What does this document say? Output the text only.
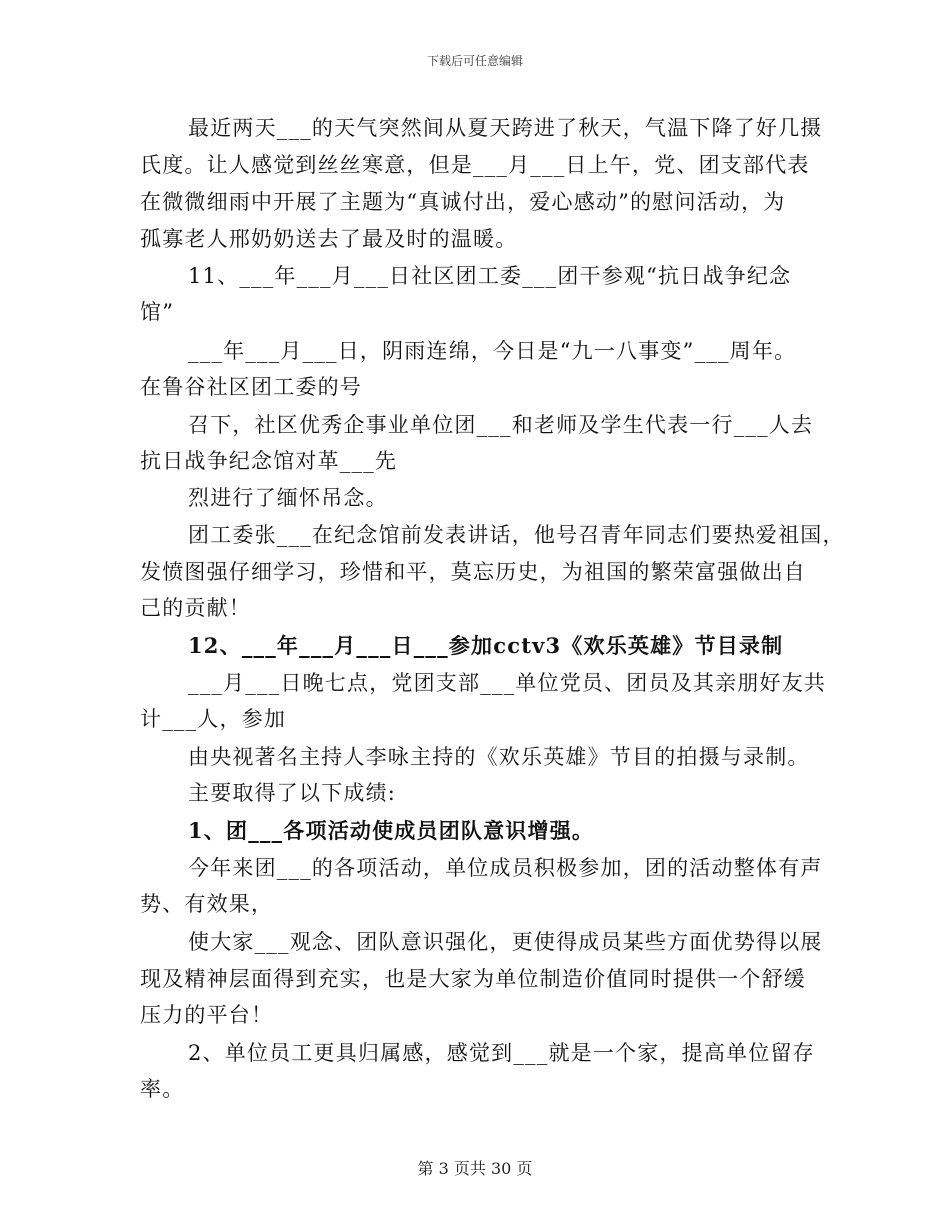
下载后可任意编辑
最近两天___的天气突然间从夏天跨进了秋天，气温下降了好几摄
氏度。让人感觉到丝丝寒意，但是___月___日上午，党、团支部代表
在微微细雨中开展了主题为“真诚付出，爱心感动”的慰问活动，为
孤寡老人邢奶奶送去了最及时的温暖。
11、___年___月___日社区团工委___团干参观“抗日战争纪念
馆”
___年___月___日，阴雨连绵，今日是“九一八事变”___周年。
在鲁谷社区团工委的号
召下，社区优秀企事业单位团___和老师及学生代表一行___人去
抗日战争纪念馆对革___先
烈进行了缅怀吊念。
团工委张___在纪念馆前发表讲话，他号召青年同志们要热爱祖国，
发愤图强仔细学习，珍惜和平，莫忘历史，为祖国的繁荣富强做出自
己的贡献！
12、___年___月___日___参加cctv3《欢乐英雄》节目录制
___月___日晚七点，党团支部___单位党员、团员及其亲朋好友共
计___人，参加
由央视著名主持人李咏主持的《欢乐英雄》节目的拍摄与录制。
主要取得了以下成绩:
1、团___各项活动使成员团队意识增强。
今年来团___的各项活动，单位成员积极参加，团的活动整体有声
势、有效果，
使大家___观念、团队意识强化，更使得成员某些方面优势得以展
现及精神层面得到充实，也是大家为单位制造价值同时提供一个舒缓
压力的平台！
2、单位员工更具归属感，感觉到___就是一个家，提高单位留存
率。
第 3 页共 30 页
